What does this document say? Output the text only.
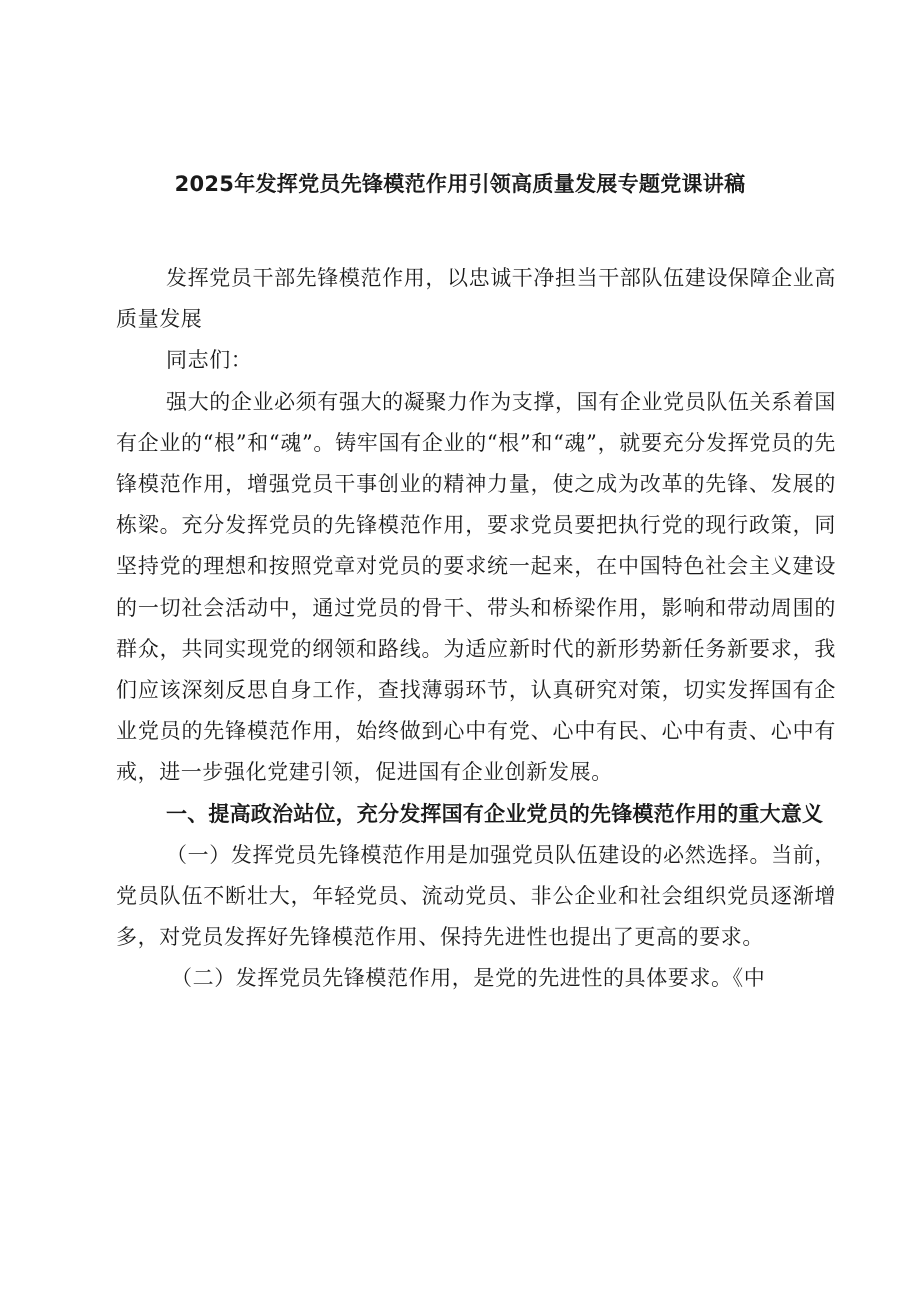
2025年发挥党员先锋模范作用引领高质量发展专题党课讲稿

发挥党员干部先锋模范作用，以忠诚干净担当干部队伍建设保障企业高质量发展

同志们：

强大的企业必须有强大的凝聚力作为支撑，国有企业党员队伍关系着国有企业的“根”和“魂”。铸牢国有企业的“根”和“魂”，就要充分发挥党员的先锋模范作用，增强党员干事创业的精神力量，使之成为改革的先锋、发展的栋梁。充分发挥党员的先锋模范作用，要求党员要把执行党的现行政策，同坚持党的理想和按照党章对党员的要求统一起来，在中国特色社会主义建设的一切社会活动中，通过党员的骨干、带头和桥梁作用，影响和带动周围的群众，共同实现党的纲领和路线。为适应新时代的新形势新任务新要求，我们应该深刻反思自身工作，查找薄弱环节，认真研究对策，切实发挥国有企业党员的先锋模范作用，始终做到心中有党、心中有民、心中有责、心中有戒，进一步强化党建引领，促进国有企业创新发展。

一、提高政治站位，充分发挥国有企业党员的先锋模范作用的重大意义

（一）发挥党员先锋模范作用是加强党员队伍建设的必然选择。当前，党员队伍不断壮大，年轻党员、流动党员、非公企业和社会组织党员逐渐增多，对党员发挥好先锋模范作用、保持先进性也提出了更高的要求。

（二）发挥党员先锋模范作用，是党的先进性的具体要求。《中
